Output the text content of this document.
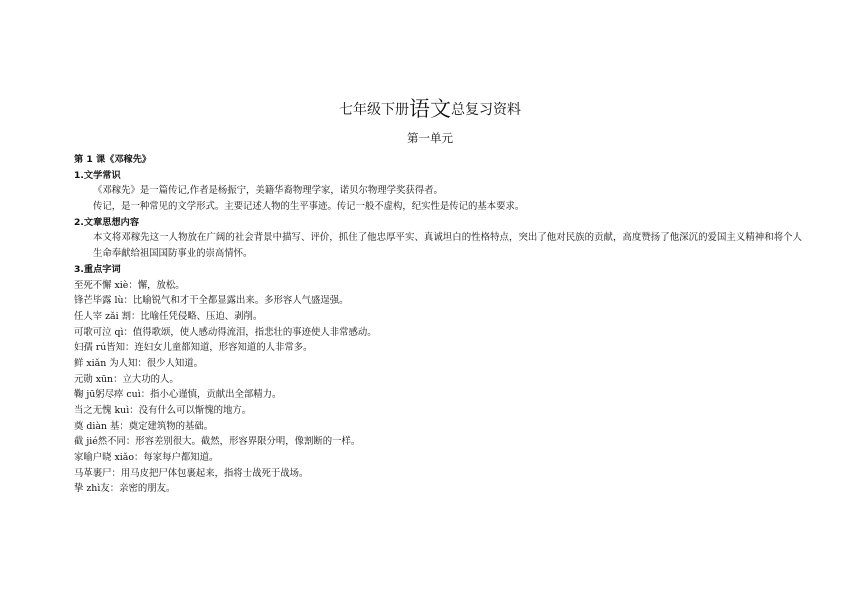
七年级下册语文总复习资料
第一单元
第 1 课《邓稼先》
1.文学常识
《邓稼先》是一篇传记,作者是杨振宁，美籍华裔物理学家，诺贝尔物理学奖获得者。
传记，是一种常见的文学形式。主要记述人物的生平事迹。传记一般不虚构，纪实性是传记的基本要求。
2.文章思想内容
本文将邓稼先这一人物放在广阔的社会背景中描写、评价，抓住了他忠厚平实、真诚坦白的性格特点，突出了他对民族的贡献，高度赞扬了他深沉的爱国主义精神和将个人生命奉献给祖国国防事业的崇高情怀。
3.重点字词
至死不懈 xiè：懈，放松。
锋芒毕露 lù：比喻锐气和才干全都显露出来。多形容人气盛逞强。
任人宰 zǎi 割：比喻任凭侵略、压迫、剥削。
可歌可泣 qì：值得歌颂，使人感动得流泪，指悲壮的事迹使人非常感动。
妇孺 rú皆知：连妇女儿童都知道，形容知道的人非常多。
鲜 xiǎn 为人知：很少人知道。
元勋 xūn：立大功的人。
鞠 jū躬尽瘁 cuì：指小心谨慎，贡献出全部精力。
当之无愧 kuì：没有什么可以惭愧的地方。
奠 diàn 基：奠定建筑物的基础。
截 jié然不同：形容差别很大。截然，形容界限分明，像割断的一样。
家喻户晓 xiǎo：每家每户都知道。
马革裹尸：用马皮把尸体包裹起来，指将士战死于战场。
挚 zhì友：亲密的朋友。
